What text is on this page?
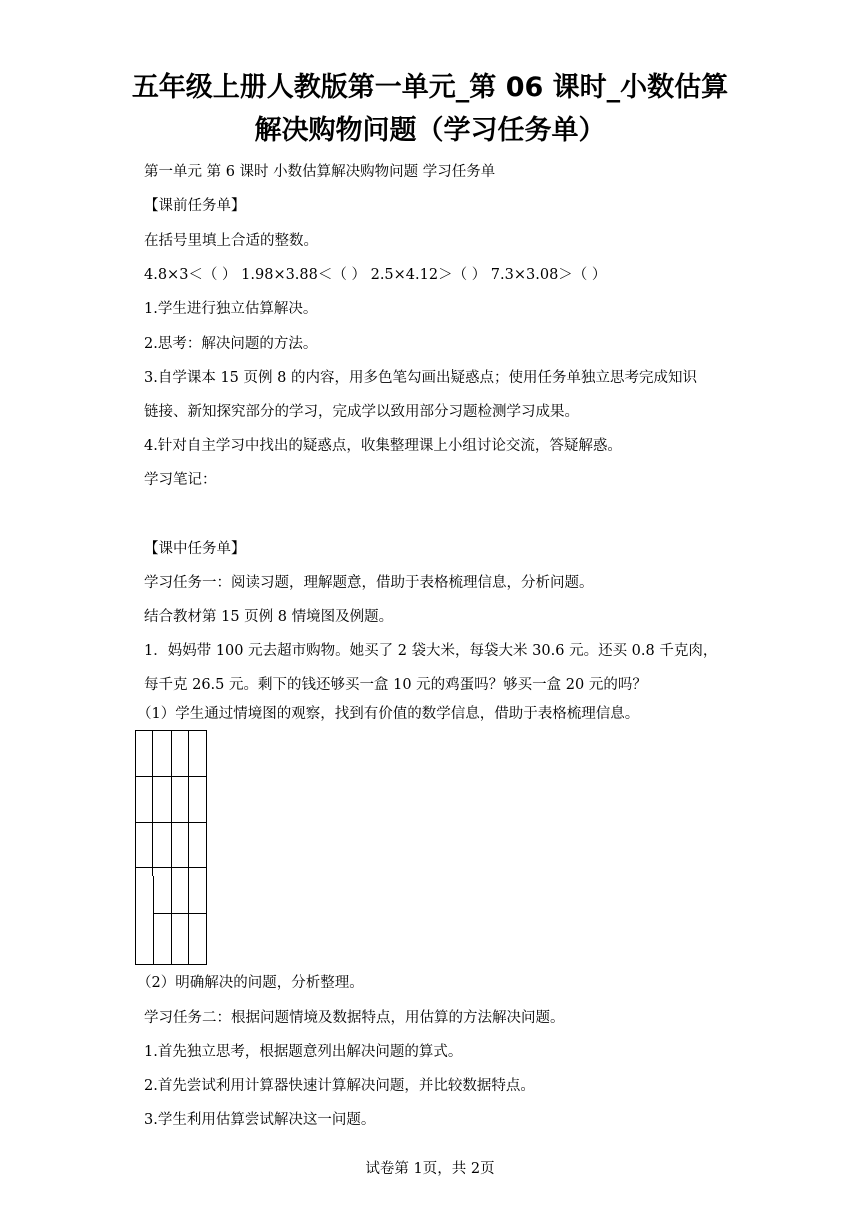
五年级上册人教版第一单元_第 06 课时_小数估算
解决购物问题（学习任务单）
第一单元 第 6 课时 小数估算解决购物问题 学习任务单
【课前任务单】
在括号里填上合适的整数。
4.8×3＜（ ） 1.98×3.88＜（ ） 2.5×4.12＞（ ） 7.3×3.08＞（ ）
1.学生进行独立估算解决。
2.思考：解决问题的方法。
3.自学课本 15 页例 8 的内容，用多色笔勾画出疑惑点；使用任务单独立思考完成知识
链接、新知探究部分的学习，完成学以致用部分习题检测学习成果。
4.针对自主学习中找出的疑惑点，收集整理课上小组讨论交流，答疑解惑。
学习笔记：
【课中任务单】
学习任务一：阅读习题，理解题意，借助于表格梳理信息，分析问题。
结合教材第 15 页例 8 情境图及例题。
1．妈妈带 100 元去超市购物。她买了 2 袋大米，每袋大米 30.6 元。还买 0.8 千克肉，
每千克 26.5 元。剩下的钱还够买一盒 10 元的鸡蛋吗？够买一盒 20 元的吗？
（1）学生通过情境图的观察，找到有价值的数学信息，借助于表格梳理信息。
（2）明确解决的问题，分析整理。
学习任务二：根据问题情境及数据特点，用估算的方法解决问题。
1.首先独立思考，根据题意列出解决问题的算式。
2.首先尝试利用计算器快速计算解决问题，并比较数据特点。
3.学生利用估算尝试解决这一问题。
试卷第 1页，共 2页
